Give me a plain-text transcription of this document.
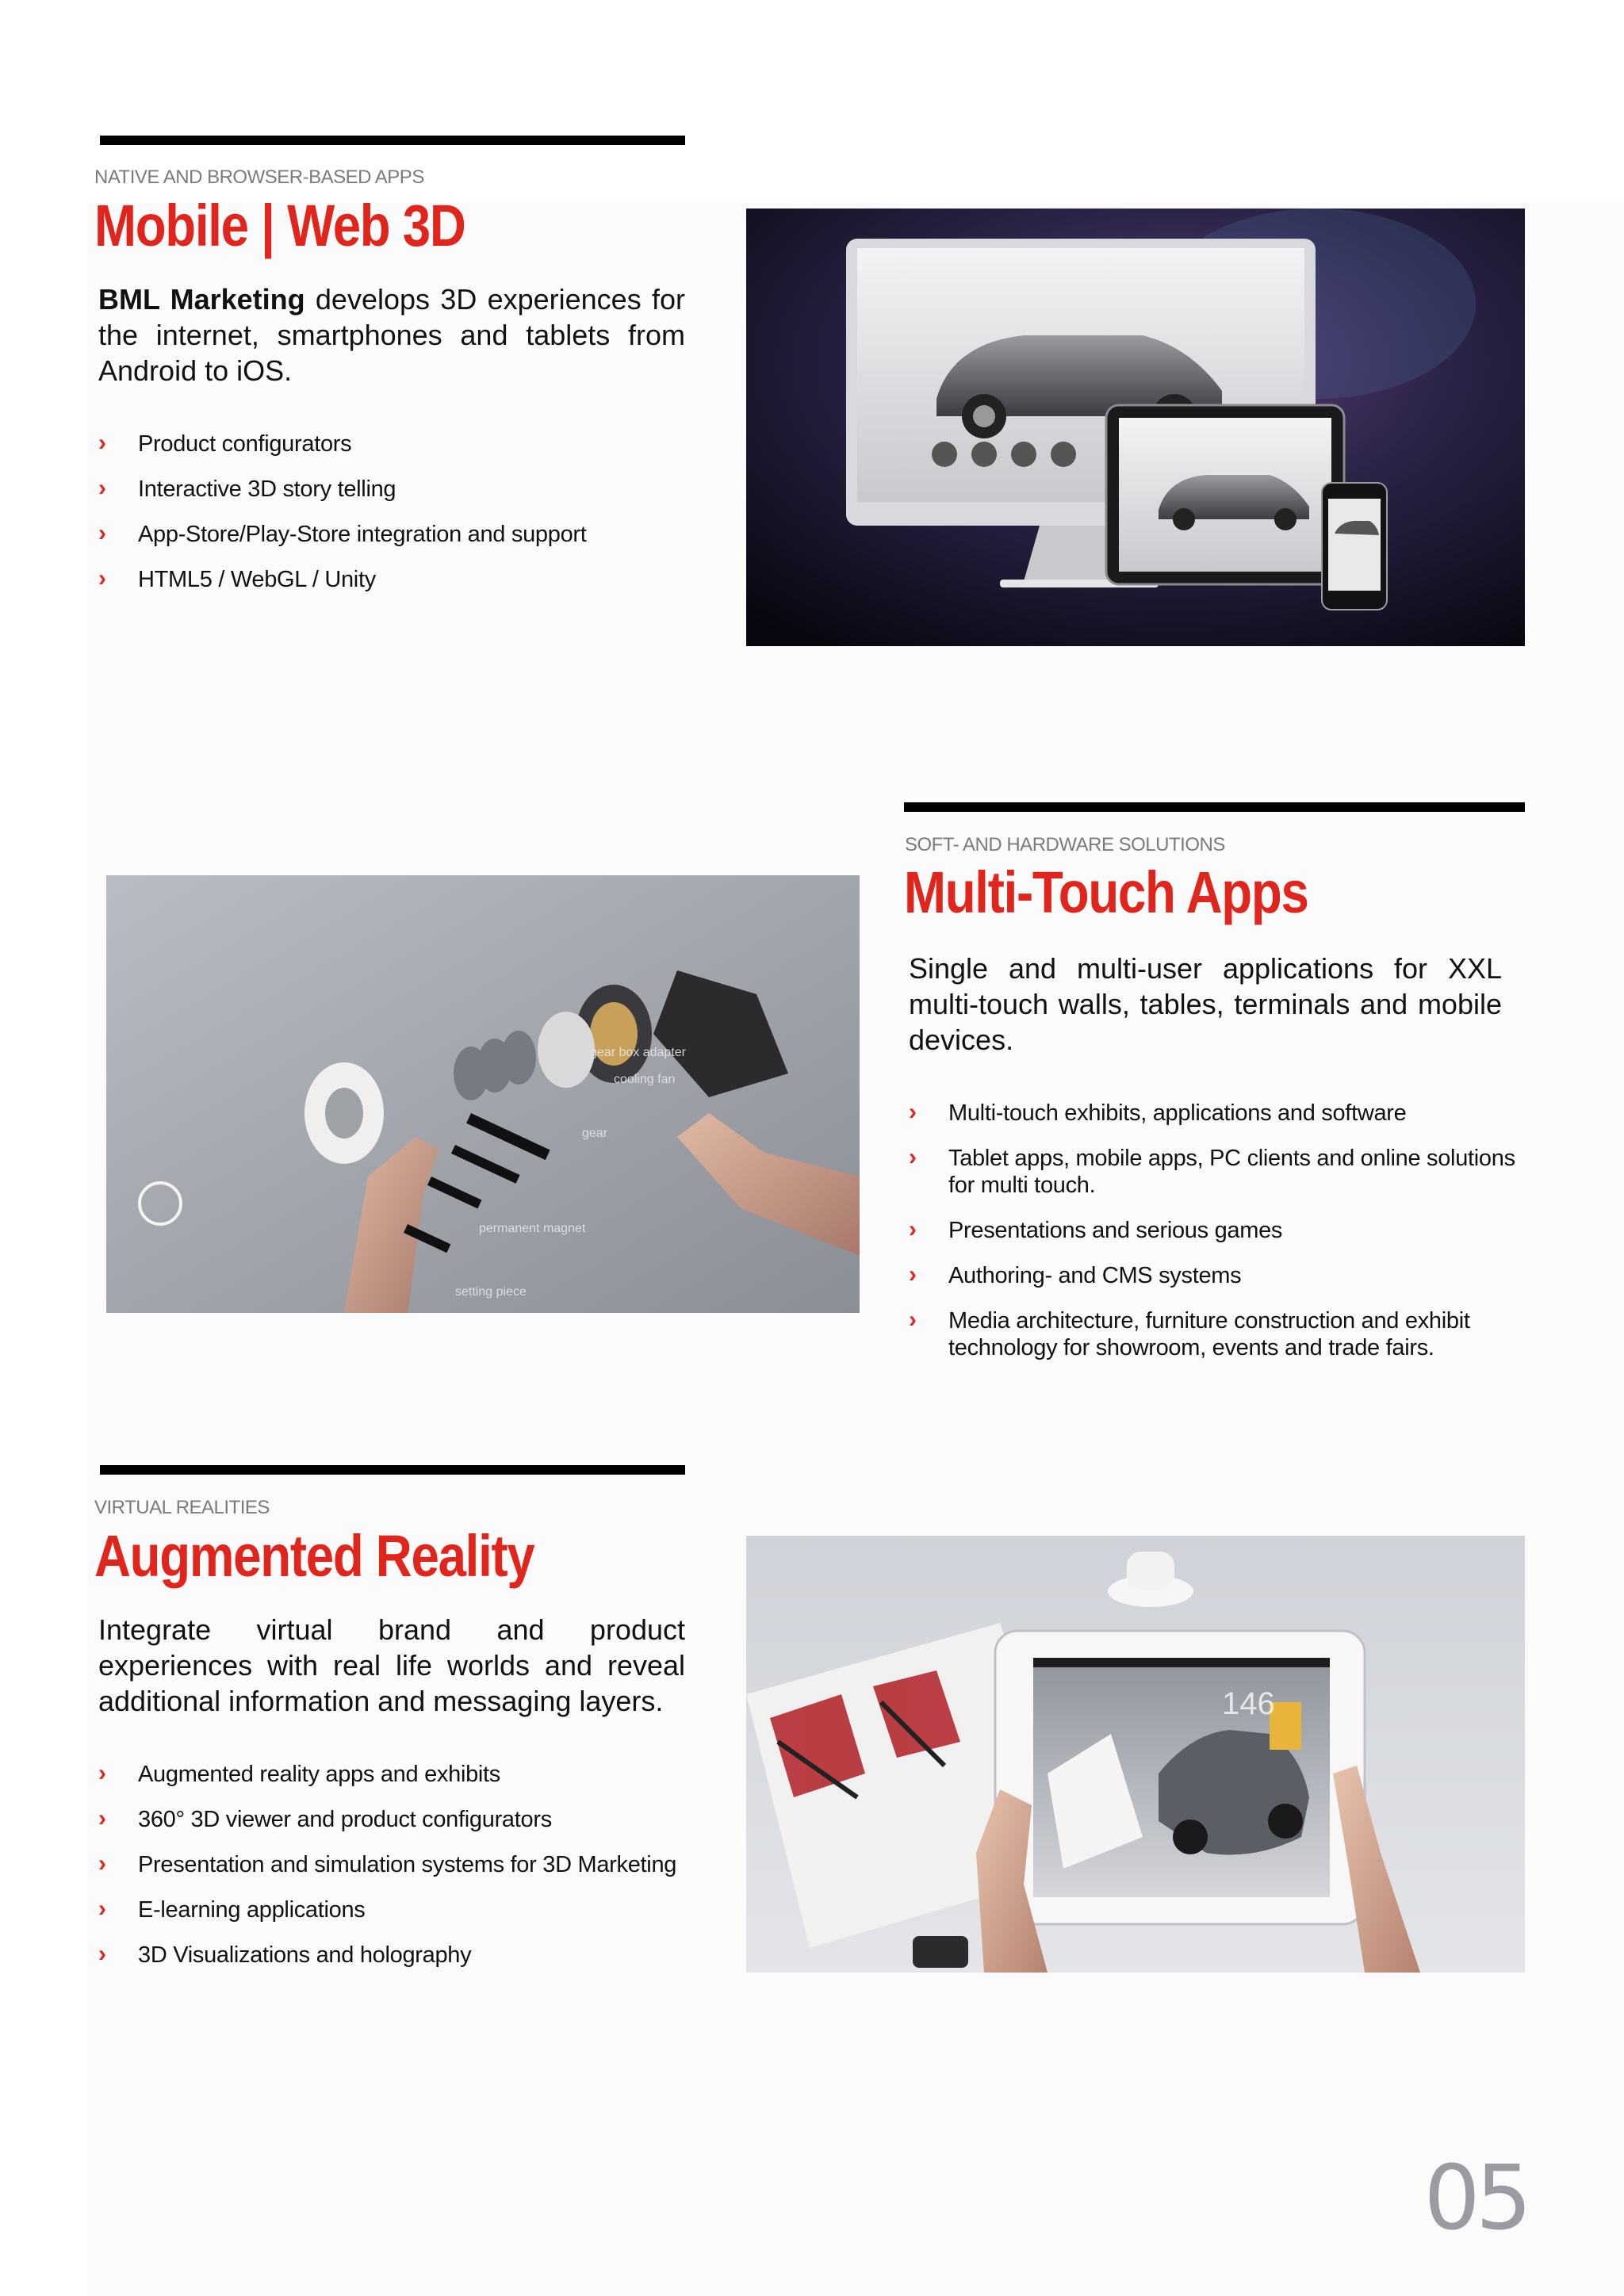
NATIVE AND BROWSER-BASED APPS
Mobile | Web 3D

BML Marketing develops 3D experiences for the internet, smartphones and tablets from Android to iOS.

› Product configurators
› Interactive 3D story telling
› App-Store/Play-Store integration and support
› HTML5 / WebGL / Unity
gear box adapter
cooling fan
gear
permanent magnet
setting piece
SOFT- AND HARDWARE SOLUTIONS
Multi-Touch Apps

Single and multi-user applications for XXL multi-touch walls, tables, terminals and mobile devices.

› Multi-touch exhibits, applications and software
› Tablet apps, mobile apps, PC clients and online solutions for multi touch.
› Presentations and serious games
› Authoring- and CMS systems
› Media architecture, furniture construction and exhibit technology for showroom, events and trade fairs.
VIRTUAL REALITIES
Augmented Reality

Integrate virtual brand and product experiences with real life worlds and reveal additional information and messaging layers.

› Augmented reality apps and exhibits
› 360° 3D viewer and product configurators
› Presentation and simulation systems for 3D Marketing
› E-learning applications
› 3D Visualizations and holography
146
05
